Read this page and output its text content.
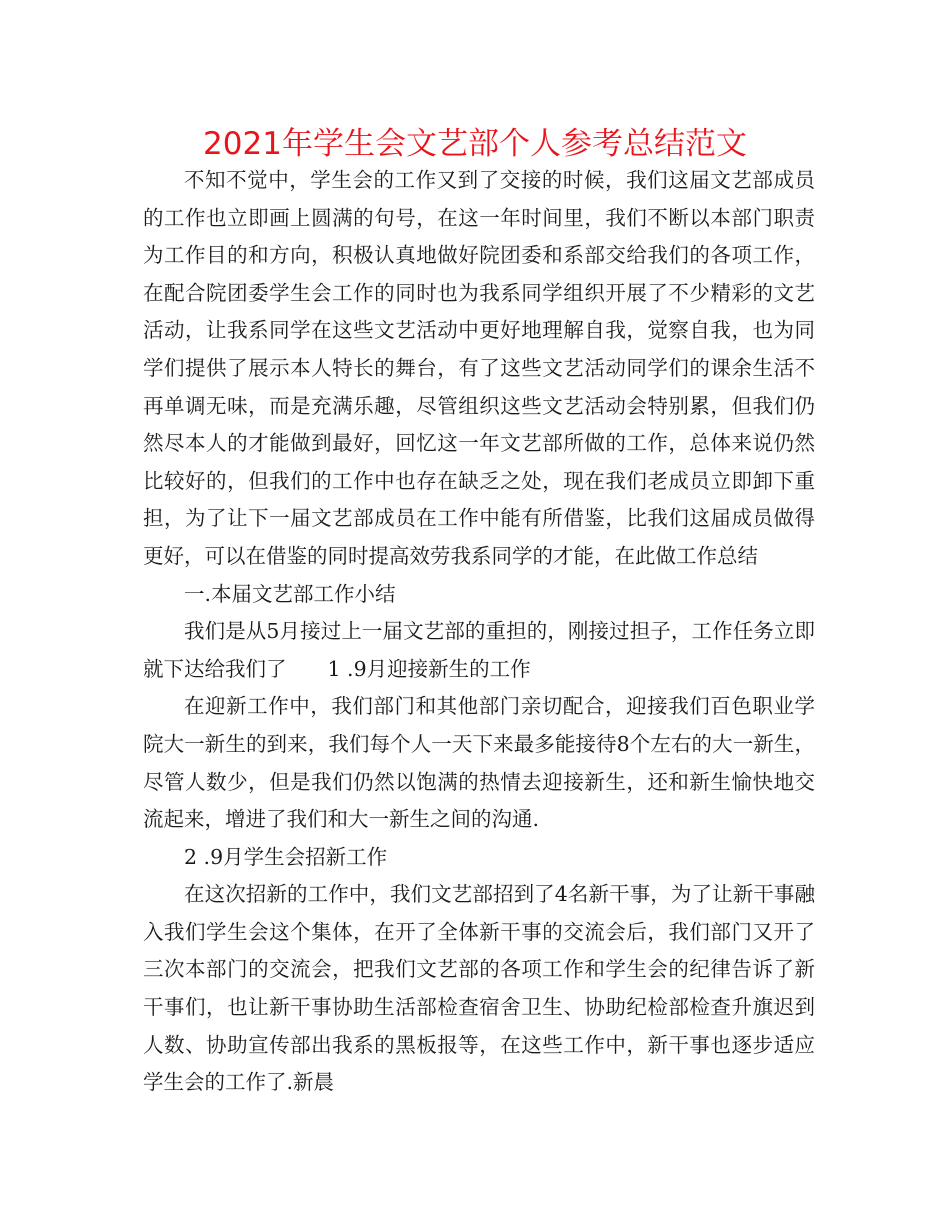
2021年学生会文艺部个人参考总结范文

不知不觉中，学生会的工作又到了交接的时候，我们这届文艺部成员的工作也立即画上圆满的句号，在这一年时间里，我们不断以本部门职责为工作目的和方向，积极认真地做好院团委和系部交给我们的各项工作，在配合院团委学生会工作的同时也为我系同学组织开展了不少精彩的文艺活动，让我系同学在这些文艺活动中更好地理解自我，觉察自我，也为同学们提供了展示本人特长的舞台，有了这些文艺活动同学们的课余生活不再单调无味，而是充满乐趣，尽管组织这些文艺活动会特别累，但我们仍然尽本人的才能做到最好，回忆这一年文艺部所做的工作，总体来说仍然比较好的，但我们的工作中也存在缺乏之处，现在我们老成员立即卸下重担，为了让下一届文艺部成员在工作中能有所借鉴，比我们这届成员做得更好，可以在借鉴的同时提高效劳我系同学的才能，在此做工作总结

一.本届文艺部工作小结

我们是从5月接过上一届文艺部的重担的，刚接过担子，工作任务立即就下达给我们了　　1 .9月迎接新生的工作

在迎新工作中，我们部门和其他部门亲切配合，迎接我们百色职业学院大一新生的到来，我们每个人一天下来最多能接待8个左右的大一新生，尽管人数少，但是我们仍然以饱满的热情去迎接新生，还和新生愉快地交流起来，增进了我们和大一新生之间的沟通.

2 .9月学生会招新工作

在这次招新的工作中，我们文艺部招到了4名新干事，为了让新干事融入我们学生会这个集体，在开了全体新干事的交流会后，我们部门又开了三次本部门的交流会，把我们文艺部的各项工作和学生会的纪律告诉了新干事们，也让新干事协助生活部检查宿舍卫生、协助纪检部检查升旗迟到人数、协助宣传部出我系的黑板报等，在这些工作中，新干事也逐步适应学生会的工作了.新晨
